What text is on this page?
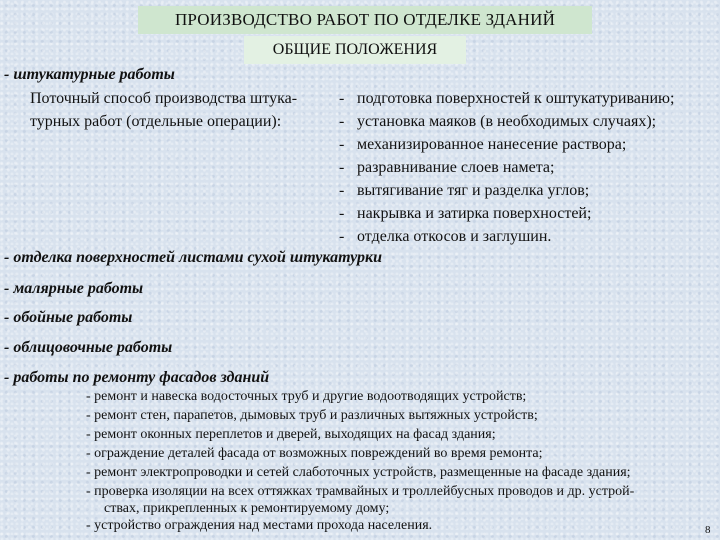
ПРОИЗВОДСТВО РАБОТ ПО ОТДЕЛКЕ ЗДАНИЙ
ОБЩИЕ ПОЛОЖЕНИЯ
- штукатурные работы
Поточный способ производства штука-
турных работ (отдельные операции):
- подготовка поверхностей к оштукатуриванию;
- установка маяков (в необходимых случаях);
- механизированное нанесение раствора;
- разравнивание слоев намета;
- вытягивание тяг и разделка углов;
- накрывка и затирка поверхностей;
- отделка откосов и заглушин.
- отделка поверхностей листами сухой штукатурки
- малярные работы
- обойные работы
- облицовочные работы
- работы по ремонту фасадов зданий
- ремонт и навеска водосточных труб и другие водоотводящих устройств;
- ремонт стен, парапетов, дымовых труб и различных вытяжных устройств;
- ремонт оконных переплетов и дверей, выходящих на фасад здания;
- ограждение деталей фасада от возможных повреждений во время ремонта;
- ремонт электропроводки и сетей слаботочных устройств, размещенные на фасаде здания;
- проверка изоляции на всех оттяжках трамвайных и троллейбусных проводов и др. устрой-
ствах, прикрепленных к ремонтируемому дому;
- устройство ограждения над местами прохода населения.	8
